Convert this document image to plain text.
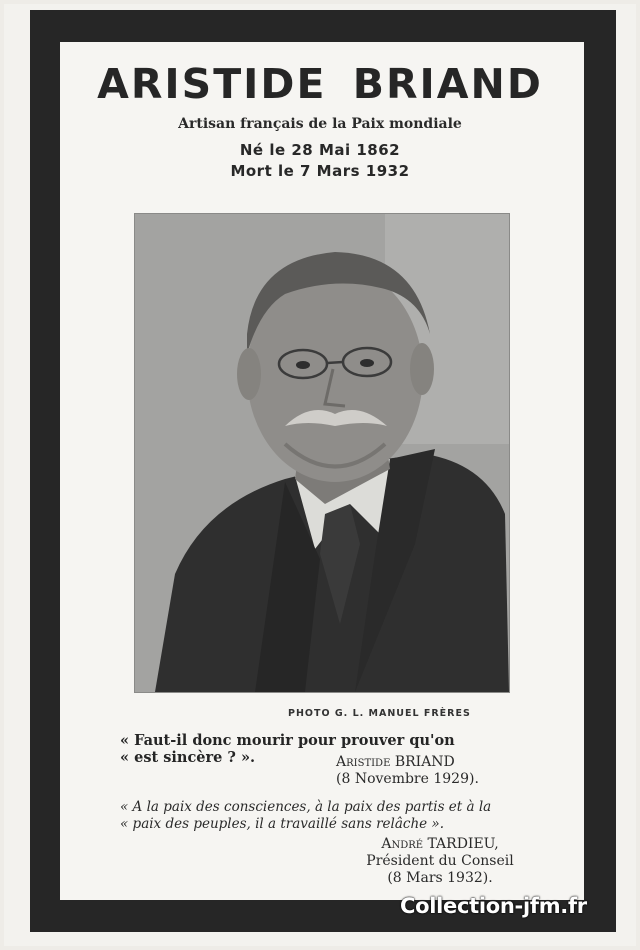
ARISTIDE BRIAND
Artisan français de la Paix mondiale
Né le 28 Mai 1862
Mort le 7 Mars 1932
PHOTO G. L. MANUEL FRÈRES
« Faut-il donc mourir pour prouver qu'on
« est sincère ? ».	Aristide BRIAND
(8 Novembre 1929).
« A la paix des consciences, à la paix des partis et à la
« paix des peuples, il a travaillé sans relâche ».
André TARDIEU,
Président du Conseil
(8 Mars 1932).
Collection-jfm.fr
